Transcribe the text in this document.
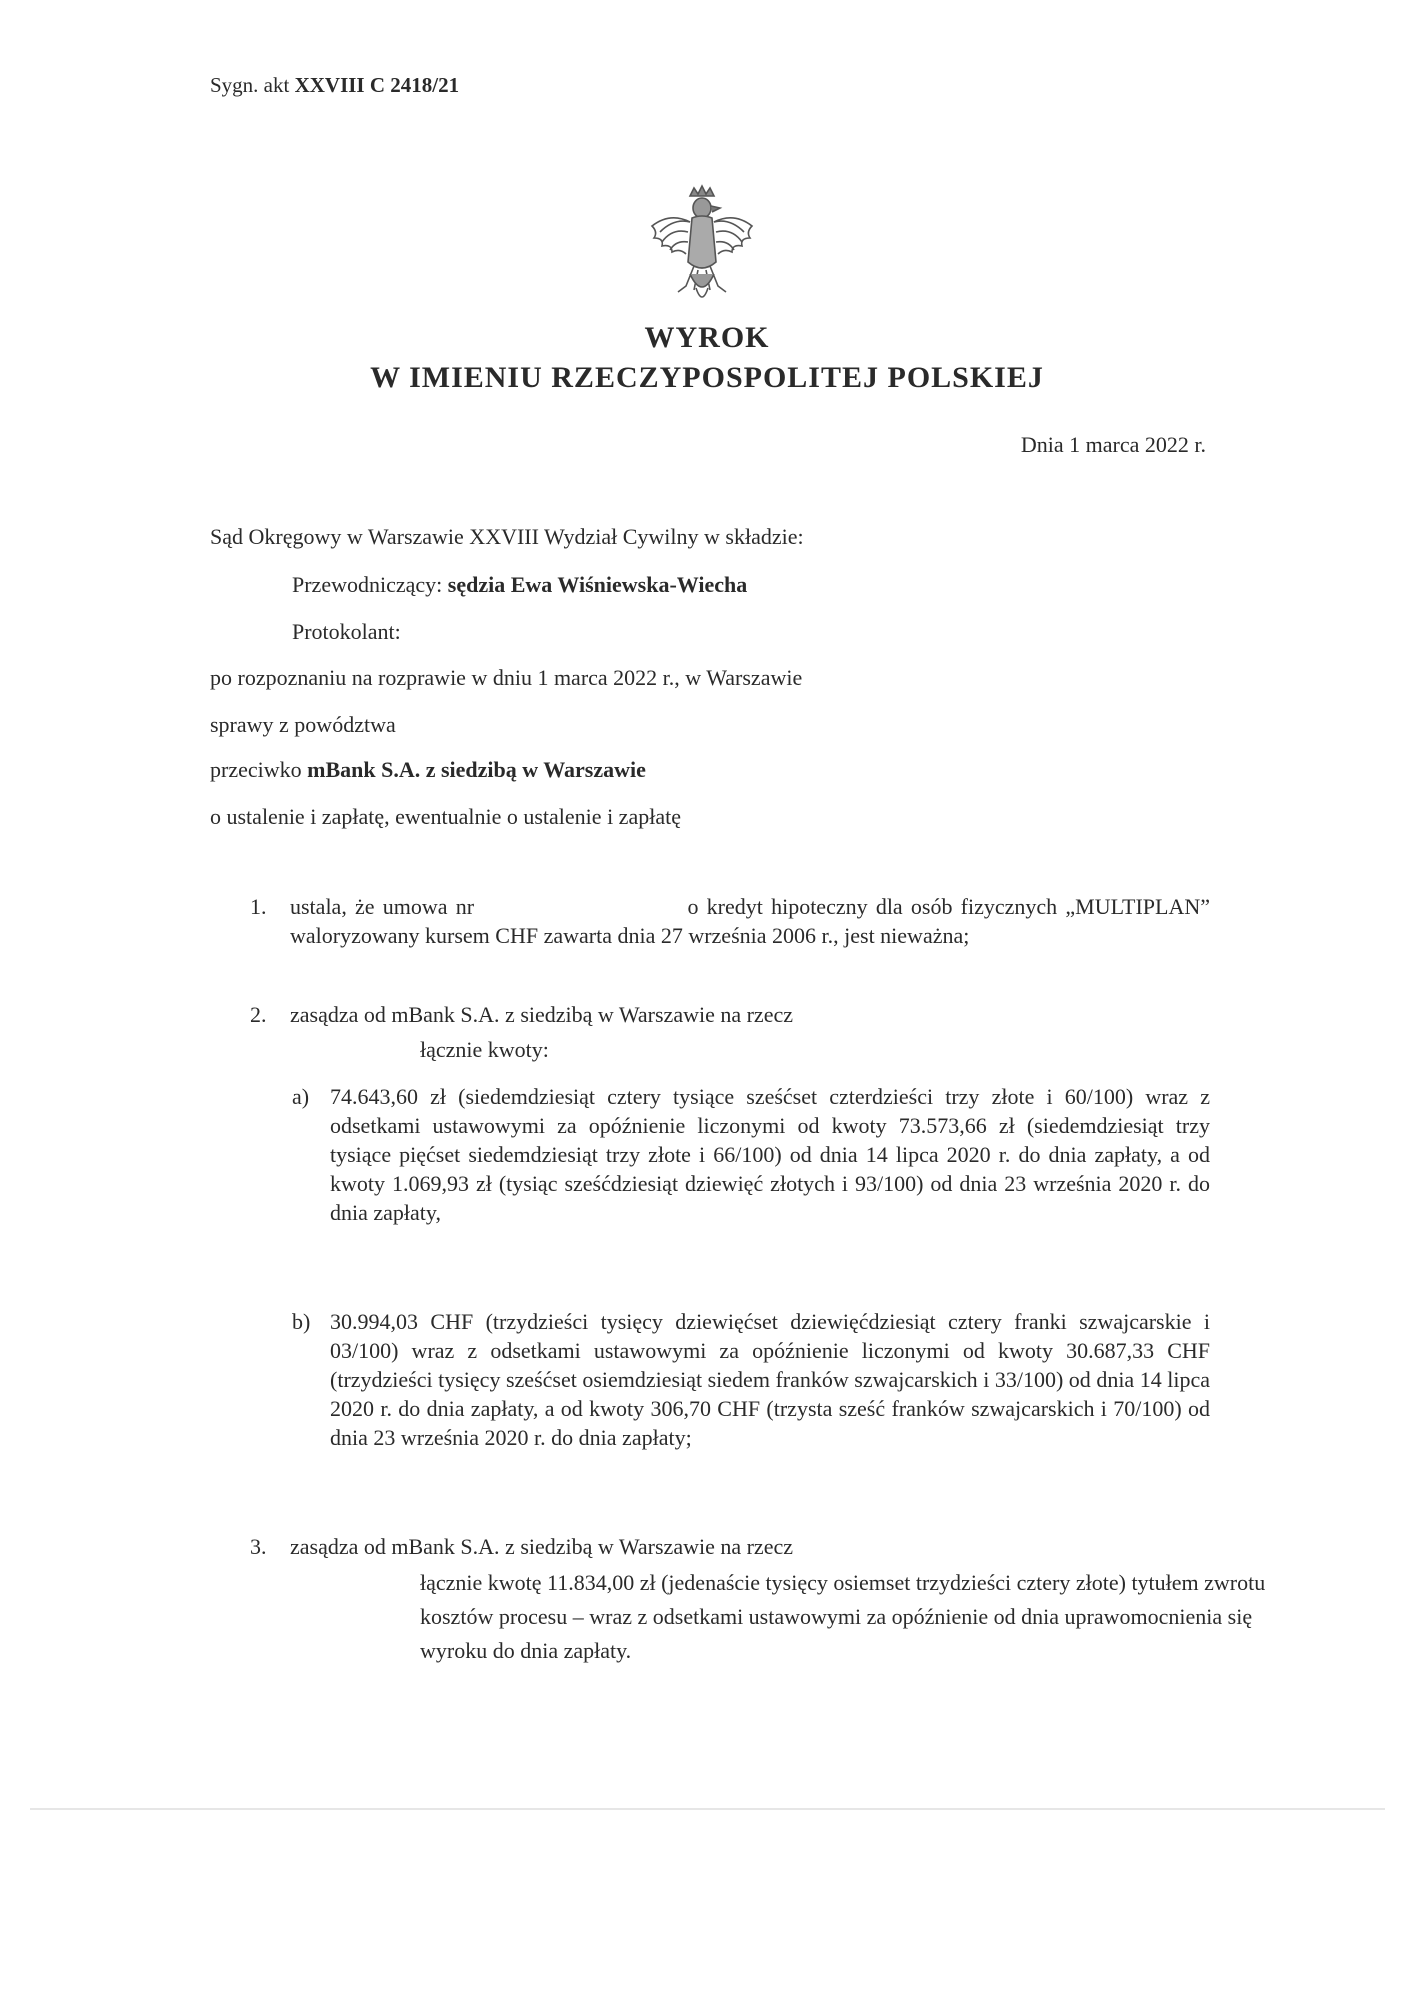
Sygn. akt XXVIII C 2418/21
WYROK
W IMIENIU RZECZYPOSPOLITEJ POLSKIEJ
Dnia 1 marca 2022 r.
Sąd Okręgowy w Warszawie XXVIII Wydział Cywilny w składzie:
Przewodniczący: sędzia Ewa Wiśniewska-Wiecha
Protokolant:
po rozpoznaniu na rozprawie w dniu 1 marca 2022 r., w Warszawie
sprawy z powództwa
przeciwko mBank S.A. z siedzibą w Warszawie
o ustalenie i zapłatę, ewentualnie o ustalenie i zapłatę
1. ustala, że umowa nr                          o kredyt hipoteczny dla osób fizycznych „MULTIPLAN” waloryzowany kursem CHF zawarta dnia 27 września 2006 r., jest nieważna;
2. zasądza od mBank S.A. z siedzibą w Warszawie na rzecz
łącznie kwoty:
a) 74.643,60 zł (siedemdziesiąt cztery tysiące sześćset czterdzieści trzy złote i 60/100) wraz z odsetkami ustawowymi za opóźnienie liczonymi od kwoty 73.573,66 zł (siedemdziesiąt trzy tysiące pięćset siedemdziesiąt trzy złote i 66/100) od dnia 14 lipca 2020 r. do dnia zapłaty, a od kwoty 1.069,93 zł (tysiąc sześćdziesiąt dziewięć złotych i 93/100) od dnia 23 września 2020 r. do dnia zapłaty,
b) 30.994,03 CHF (trzydzieści tysięcy dziewięćset dziewięćdziesiąt cztery franki szwajcarskie i 03/100) wraz z odsetkami ustawowymi za opóźnienie liczonymi od kwoty 30.687,33 CHF (trzydzieści tysięcy sześćset osiemdziesiąt siedem franków szwajcarskich i 33/100) od dnia 14 lipca 2020 r. do dnia zapłaty, a od kwoty 306,70 CHF (trzysta sześć franków szwajcarskich i 70/100) od dnia 23 września 2020 r. do dnia zapłaty;
3. zasądza od mBank S.A. z siedzibą w Warszawie na rzecz
łącznie kwotę 11.834,00 zł (jedenaście tysięcy osiemset trzydzieści cztery złote) tytułem zwrotu kosztów procesu – wraz z odsetkami ustawowymi za opóźnienie od dnia uprawomocnienia się wyroku do dnia zapłaty.
